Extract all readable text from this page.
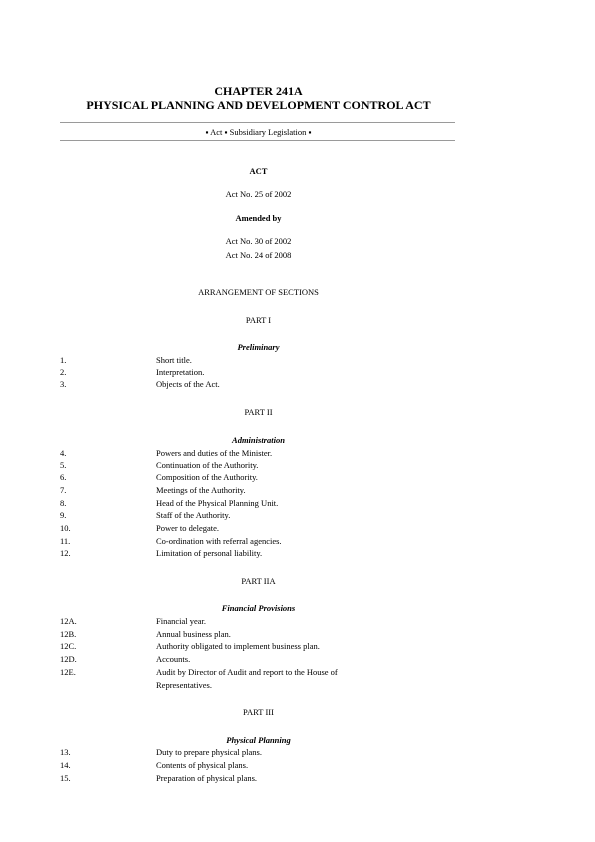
CHAPTER 241A
PHYSICAL PLANNING AND DEVELOPMENT CONTROL ACT
▪ Act ▪ Subsidiary Legislation ▪
ACT
Act No. 25 of 2002
Amended by
Act No. 30 of 2002
Act No. 24 of 2008
ARRANGEMENT OF SECTIONS
PART I
Preliminary
1.	Short title.
2.	Interpretation.
3.	Objects of the Act.
PART II
Administration
4.	Powers and duties of the Minister.
5.	Continuation of the Authority.
6.	Composition of the Authority.
7.	Meetings of the Authority.
8.	Head of the Physical Planning Unit.
9.	Staff of the Authority.
10.	Power to delegate.
11.	Co-ordination with referral agencies.
12.	Limitation of personal liability.
PART IIA
Financial Provisions
12A.	Financial year.
12B.	Annual business plan.
12C.	Authority obligated to implement business plan.
12D.	Accounts.
12E.	Audit by Director of Audit and report to the House of
Representatives.
PART III
Physical Planning
13.	Duty to prepare physical plans.
14.	Contents of physical plans.
15.	Preparation of physical plans.
